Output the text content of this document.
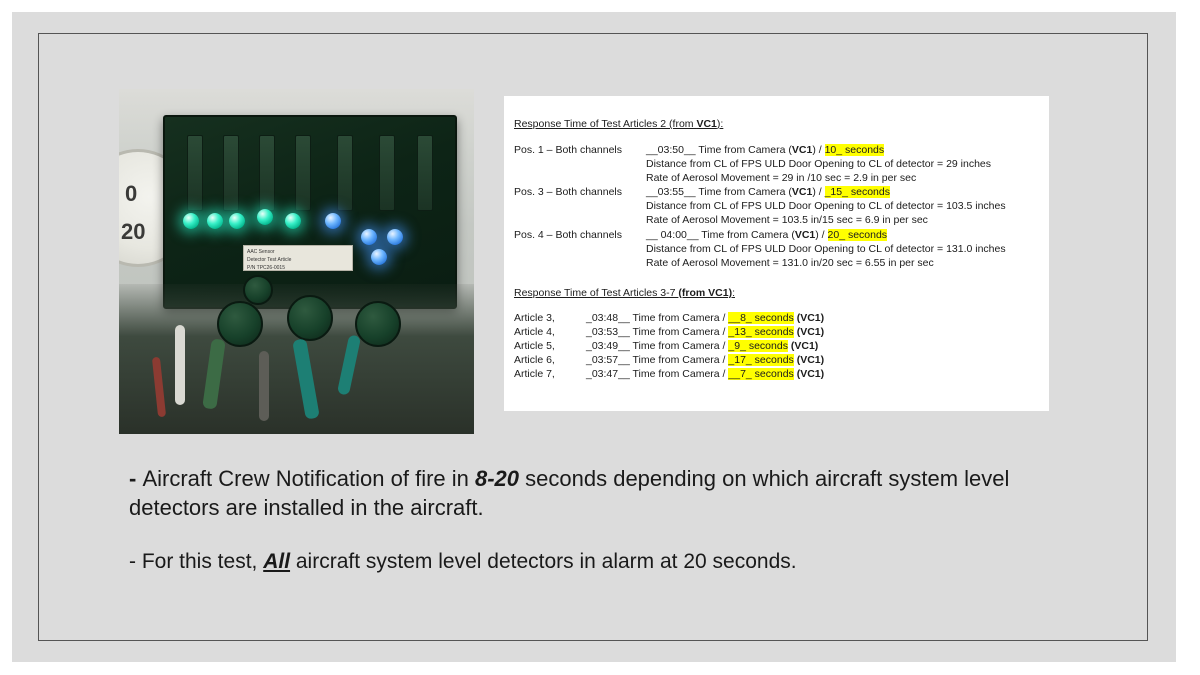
0
20
AAC Sensor
Detector Test Article
P/N TPC26-0015
Response Time of Test Articles 2 (from VC1):
Pos. 1 – Both channels	__03:50__ Time from Camera (VC1) / 10_ seconds
Distance from CL of FPS ULD Door Opening to CL of detector = 29 inches
Rate of Aerosol Movement = 29 in /10 sec = 2.9 in per sec
Pos. 3 – Both channels	__03:55__ Time from Camera (VC1) / _15_ seconds
Distance from CL of FPS ULD Door Opening to CL of detector = 103.5 inches
Rate of Aerosol Movement = 103.5 in/15 sec = 6.9 in per sec
Pos. 4 – Both channels	__ 04:00__ Time from Camera (VC1) / 20_ seconds
Distance from CL of FPS ULD Door Opening to CL of detector = 131.0 inches
Rate of Aerosol Movement = 131.0 in/20 sec = 6.55 in per sec
Response Time of Test Articles 3-7 (from VC1):
Article 3,	_03:48__ Time from Camera / __8_ seconds (VC1)
Article 4,	_03:53__ Time from Camera / _13_ seconds (VC1)
Article 5,	_03:49__ Time from Camera / _9_ seconds (VC1)
Article 6,	_03:57__ Time from Camera / _17_ seconds (VC1)
Article 7,	_03:47__ Time from Camera / __7_ seconds (VC1)
- Aircraft Crew Notification of fire in 8-20 seconds depending on which aircraft system level detectors are installed in the aircraft.
- For this test, All aircraft system level detectors in alarm at 20 seconds.
